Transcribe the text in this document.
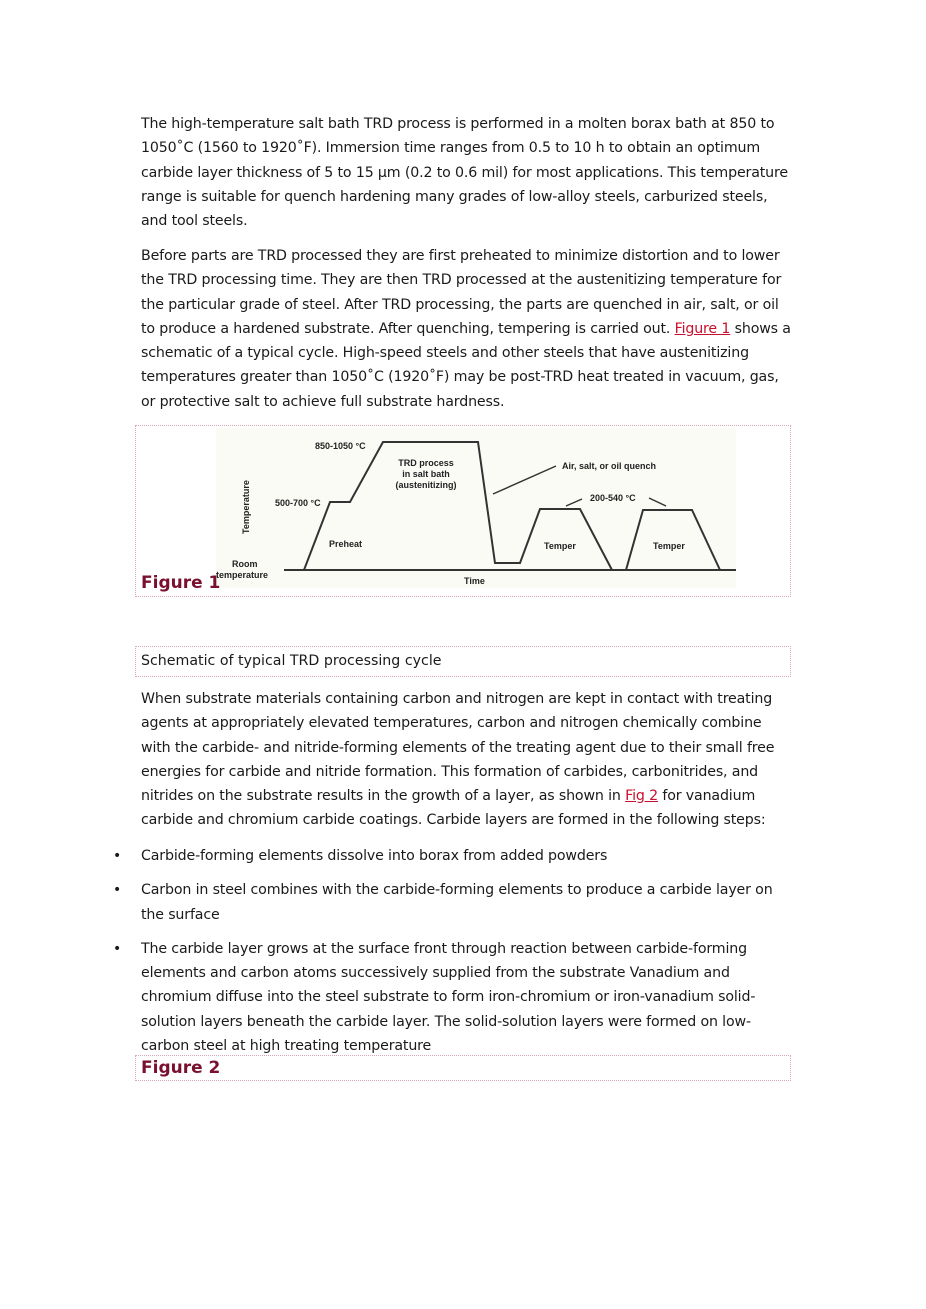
The high-temperature salt bath TRD process is performed in a molten borax bath at 850 to 1050˚C (1560 to 1920˚F). Immersion time ranges from 0.5 to 10 h to obtain an optimum carbide layer thickness of 5 to 15 µm (0.2 to 0.6 mil) for most applications. This temperature range is suitable for quench hardening many grades of low-alloy steels, carburized steels, and tool steels.

Before parts are TRD processed they are first preheated to minimize distortion and to lower the TRD processing time. They are then TRD processed at the austenitizing temperature for the particular grade of steel. After TRD processing, the parts are quenched in air, salt, or oil to produce a hardened substrate. After quenching, tempering is carried out. Figure 1 shows a schematic of a typical cycle. High-speed steels and other steels that have austenitizing temperatures greater than 1050˚C (1920˚F) may be post-TRD heat treated in vacuum, gas, or protective salt to achieve full substrate hardness.

Temperature
Room
temperature
500-700 °C
850-1050 °C
TRD process
in salt bath
(austenitizing)
Preheat
Air, salt, or oil quench
200-540 °C
Temper	Temper
Time
Figure 1
Schematic of typical TRD processing cycle

When substrate materials containing carbon and nitrogen are kept in contact with treating agents at appropriately elevated temperatures, carbon and nitrogen chemically combine with the carbide- and nitride-forming elements of the treating agent due to their small free energies for carbide and nitride formation. This formation of carbides, carbonitrides, and nitrides on the substrate results in the growth of a layer, as shown in Fig 2 for vanadium carbide and chromium carbide coatings. Carbide layers are formed in the following steps:

• Carbide-forming elements dissolve into borax from added powders
• Carbon in steel combines with the carbide-forming elements to produce a carbide layer on the surface
• The carbide layer grows at the surface front through reaction between carbide-forming elements and carbon atoms successively supplied from the substrate Vanadium and chromium diffuse into the steel substrate to form iron-chromium or iron-vanadium solid-solution layers beneath the carbide layer. The solid-solution layers were formed on low-carbon steel at high treating temperature
Figure 2
